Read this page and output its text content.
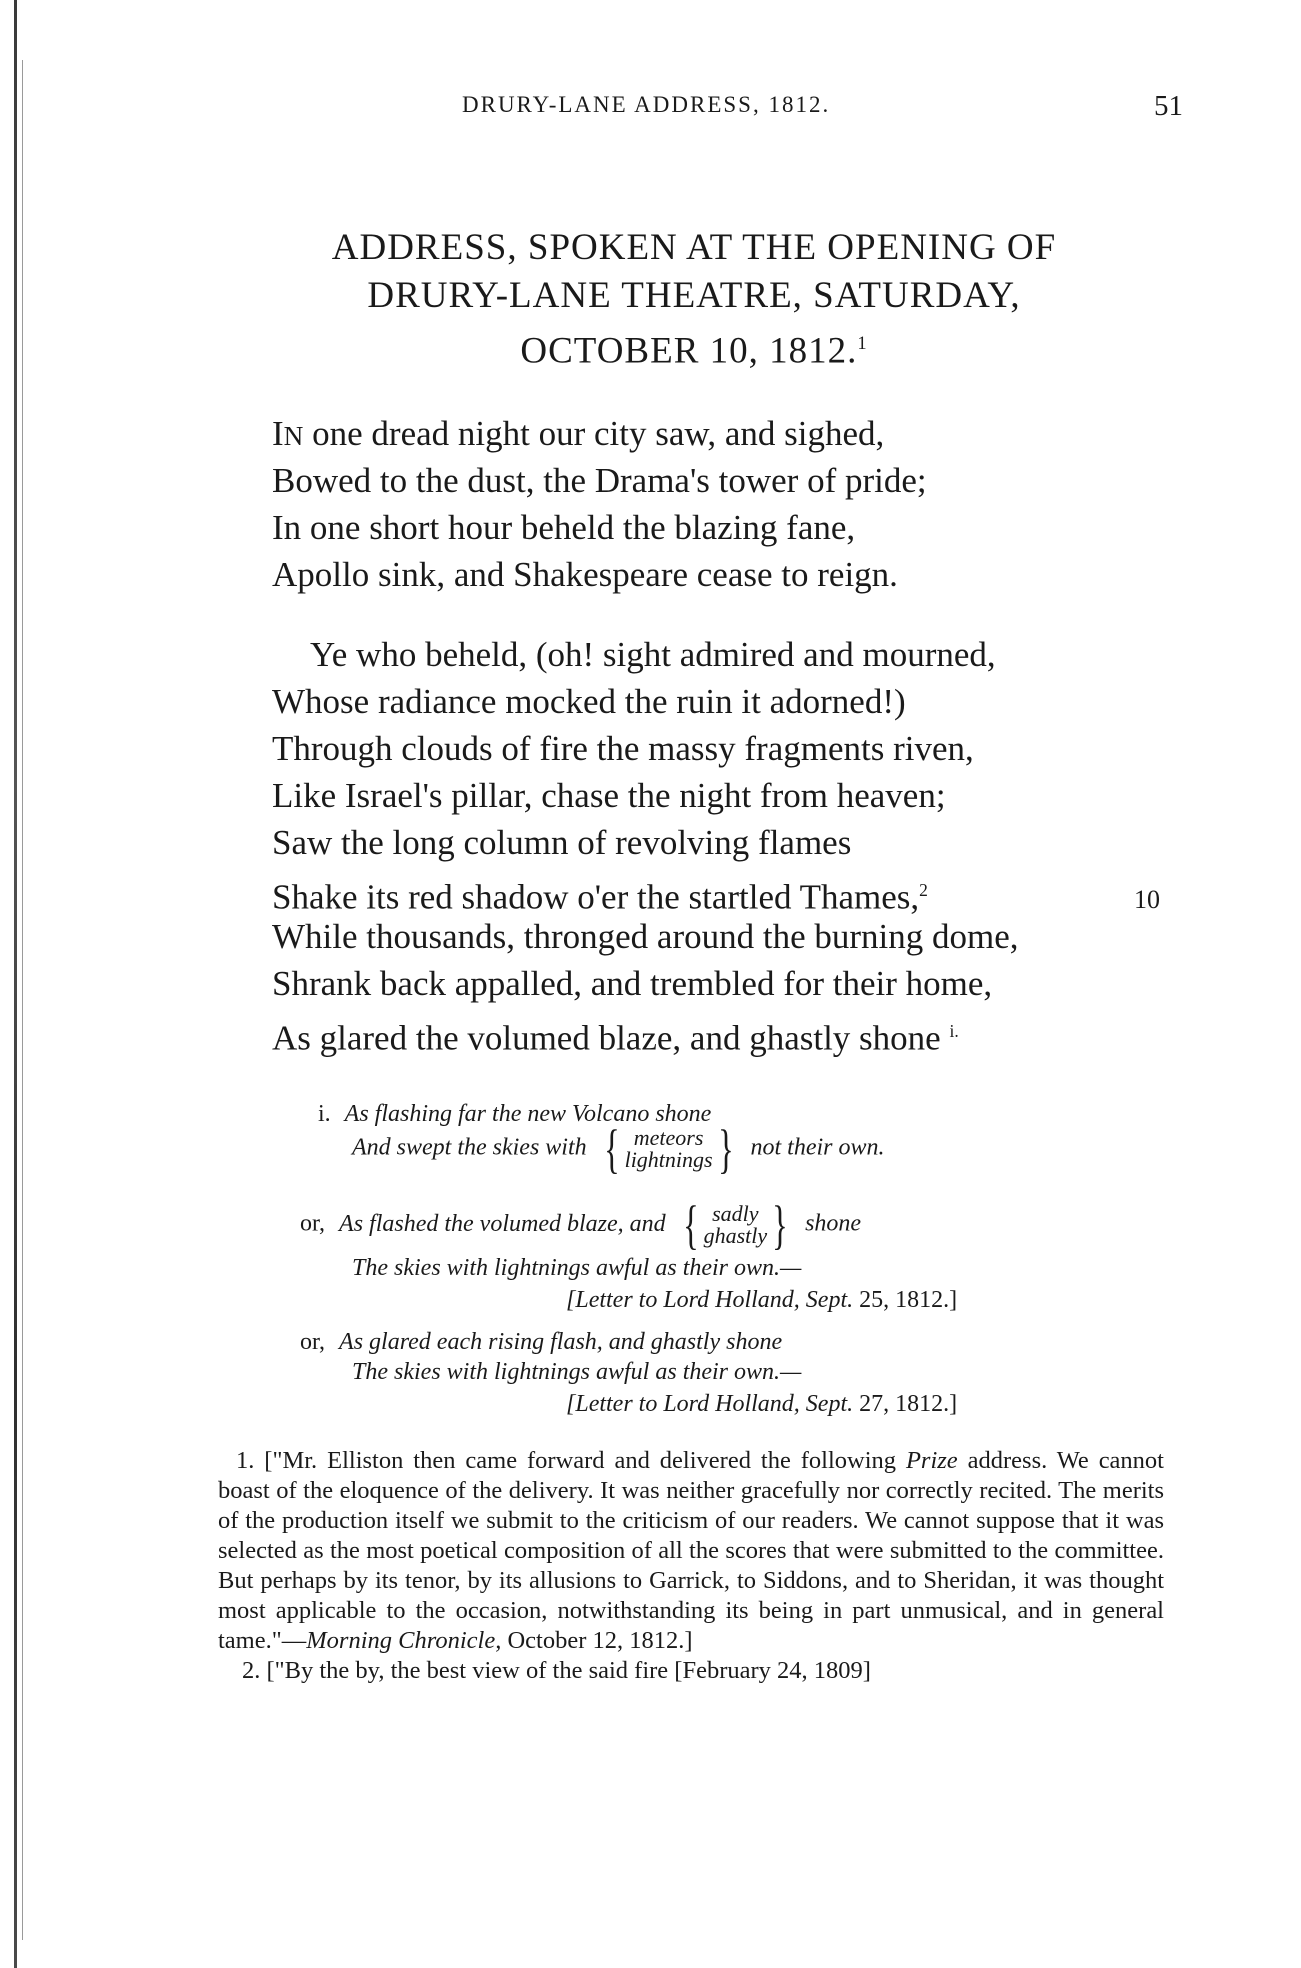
DRURY-LANE ADDRESS, 1812.	51
ADDRESS, SPOKEN AT THE OPENING OF
DRURY-LANE THEATRE, SATURDAY,
OCTOBER 10, 1812.$^1$
IN one dread night our city saw, and sighed,
Bowed to the dust, the Drama's tower of pride;
In one short hour beheld the blazing fane,
Apollo sink, and Shakespeare cease to reign.
Ye who beheld, (oh! sight admired and mourned,
Whose radiance mocked the ruin it adorned!)
Through clouds of fire the massy fragments riven,
Like Israel's pillar, chase the night from heaven;
Saw the long column of revolving flames
Shake its red shadow o'er the startled Thames,$^2$	10
While thousands, thronged around the burning dome,
Shrank back appalled, and trembled for their home,
As glared the volumed blaze, and ghastly shone $^{i.}$
i. As flashing far the new Volcano shone
And swept the skies with { meteors
lightnings } not their own.
or, As flashed the volumed blaze, and { sadly
ghastly } shone
The skies with lightnings awful as their own.—
[Letter to Lord Holland, Sept. 25, 1812.]
or, As glared each rising flash, and ghastly shone
The skies with lightnings awful as their own.—
[Letter to Lord Holland, Sept. 27, 1812.]

1. ["Mr. Elliston then came forward and delivered the following Prize address. We cannot boast of the eloquence of the delivery. It was neither gracefully nor correctly recited. The merits of the production itself we submit to the criticism of our readers. We cannot suppose that it was selected as the most poetical composition of all the scores that were submitted to the committee. But perhaps by its tenor, by its allusions to Garrick, to Siddons, and to Sheridan, it was thought most applicable to the occasion, notwithstanding its being in part unmusical, and in general tame."—Morning Chronicle, October 12, 1812.]

2. ["By the by, the best view of the said fire [February 24, 1809]
